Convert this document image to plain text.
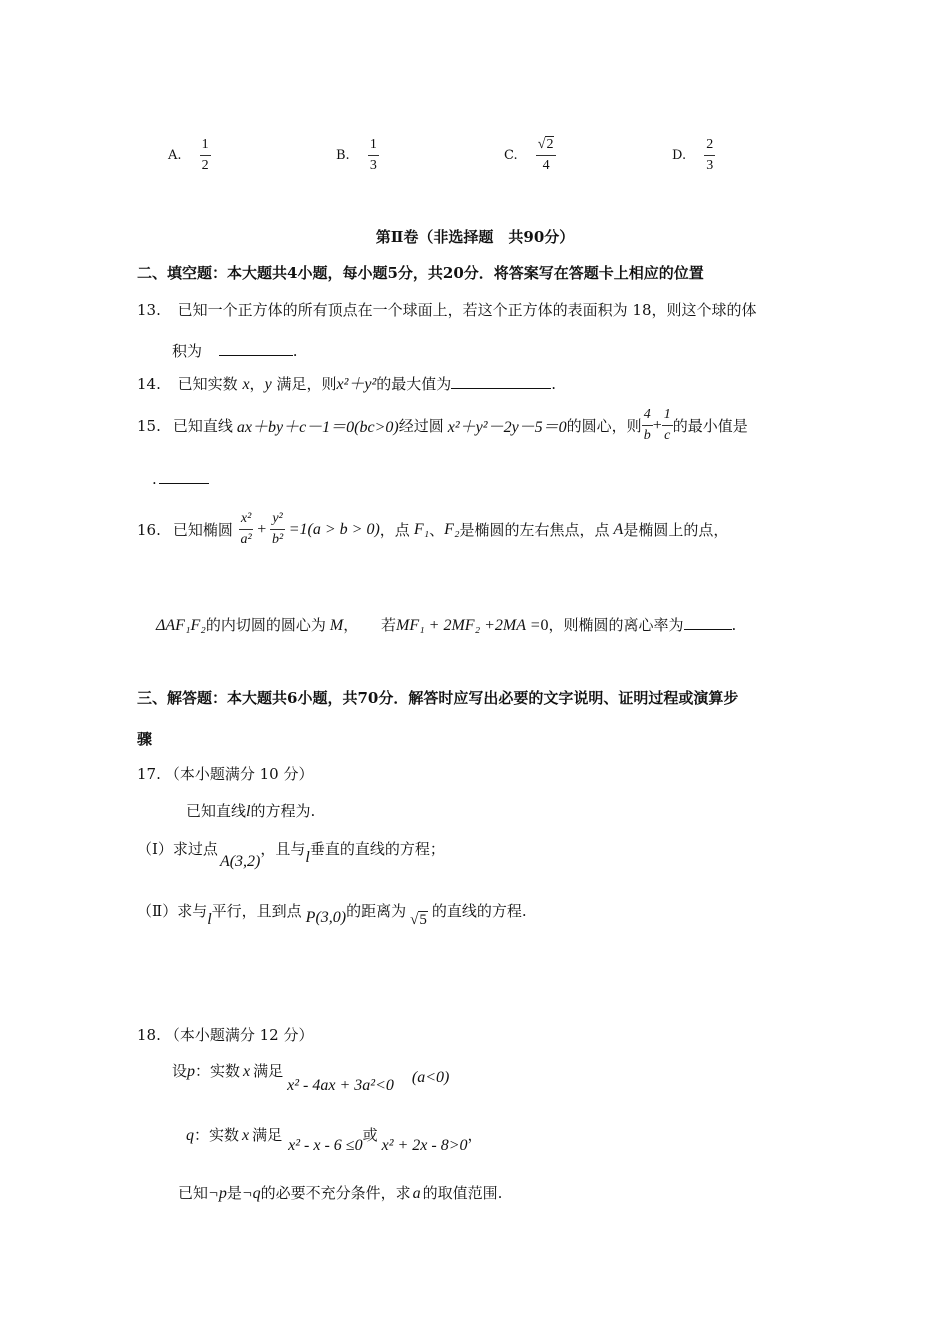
A. $\frac{1}{2}$	B. $\frac{1}{3}$	C. $\frac{√2}{4}$	D. $\frac{2}{3}$
第Ⅱ卷（非选择题　共90分）
二、填空题：本大题共4小题，每小题5分，共20分．将答案写在答题卡上相应的位置
13. 已知一个正方体的所有顶点在一个球面上，若这个正方体的表面积为 18，则这个球的体
积为	.
14. 已知实数 x，y 满足，则x²＋y²的最大值为	.
15. 已知直线 ax＋by＋c－1＝0(bc>0) 经过圆 x²＋y²－2y－5＝0 的圆心，则 $\frac{4}{b} + \frac{1}{c}$ 的最小值是
.
16. 已知椭圆 $\frac{\text{x²}}{\text{a²}} + \frac{\text{y²}}{\text{b²}} =1(a > b > 0)$ ，点 F₁ 、 F₂ 是椭圆的左右焦点，点 A 是椭圆上的点，
ΔAF₁F₂的内切圆的圆心为 M， 若MF₁ + 2MF₂ +2MA =0，则椭圆的离心率为	.
三、解答题：本大题共6小题，共70分．解答时应写出必要的文字说明、证明过程或演算步
骤
17. （本小题满分 10 分）
已知直线l的方程为.
（Ⅰ）求过点A(3,2)，且与l垂直的直线的方程；
（Ⅱ）求与l平行，且到点 P(3,0)的距离为 √5 的直线的方程.
18. （本小题满分 12 分）
设p：实数 x 满足x² - 4ax + 3a²<0 (a<0)
q：实数 x 满足x² - x - 6 ≤0或x² + 2x - 8>0，
已知¬p是¬q的必要不充分条件，求 a 的取值范围.
